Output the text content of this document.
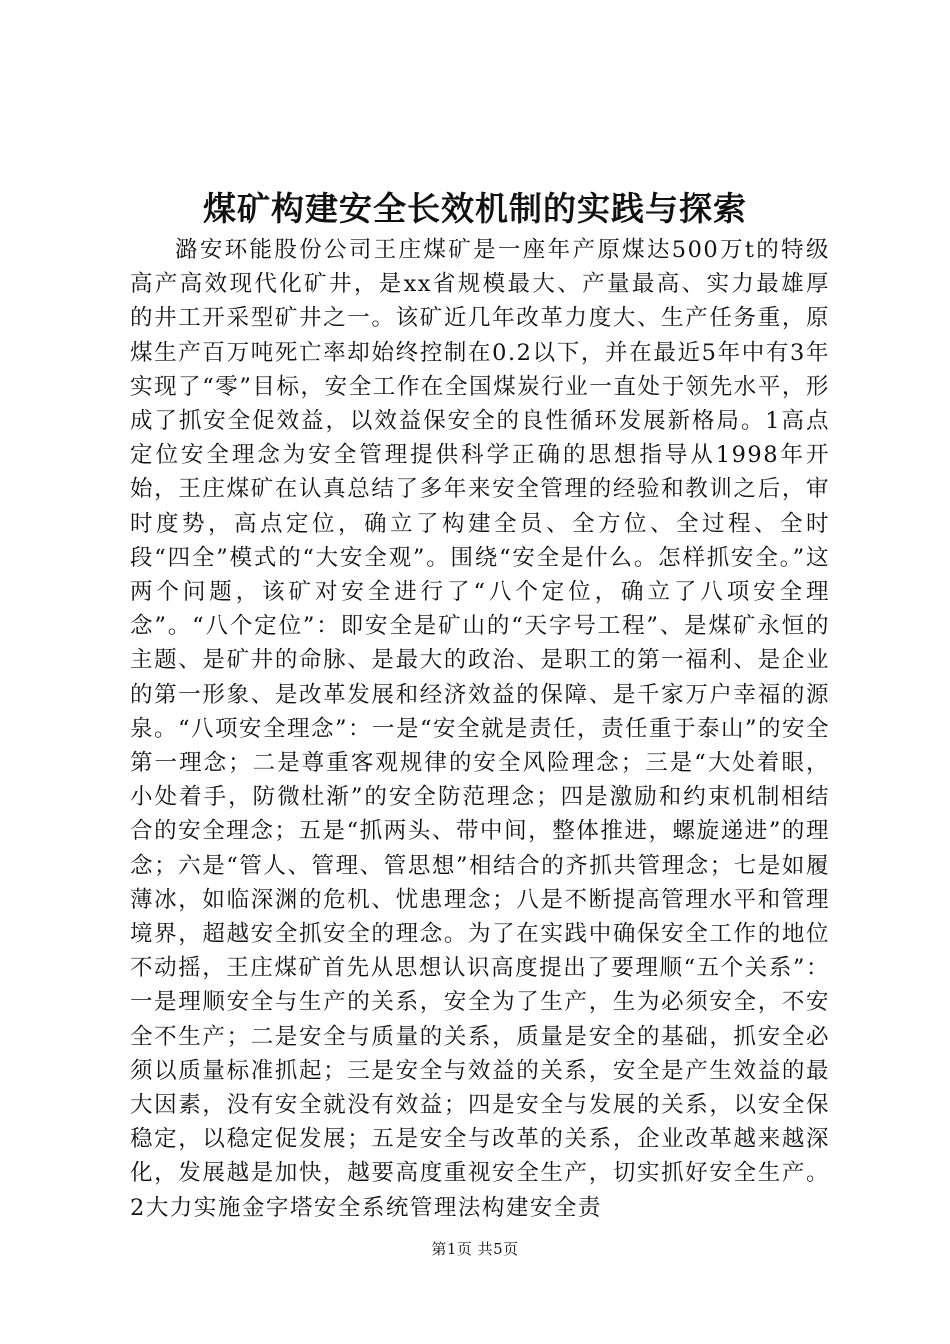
煤矿构建安全长效机制的实践与探索

潞安环能股份公司王庄煤矿是一座年产原煤达500万t的特级高产高效现代化矿井，是xx省规模最大、产量最高、实力最雄厚的井工开采型矿井之一。该矿近几年改革力度大、生产任务重，原煤生产百万吨死亡率却始终控制在0.2以下，并在最近5年中有3年实现了“零”目标，安全工作在全国煤炭行业一直处于领先水平，形成了抓安全促效益，以效益保安全的良性循环发展新格局。1高点定位安全理念为安全管理提供科学正确的思想指导从1998年开始，王庄煤矿在认真总结了多年来安全管理的经验和教训之后，审时度势，高点定位，确立了构建全员、全方位、全过程、全时段“四全”模式的“大安全观”。围绕“安全是什么。怎样抓安全。”这两个问题，该矿对安全进行了“八个定位，确立了八项安全理念”。“八个定位”：即安全是矿山的“天字号工程”、是煤矿永恒的主题、是矿井的命脉、是最大的政治、是职工的第一福利、是企业的第一形象、是改革发展和经济效益的保障、是千家万户幸福的源泉。“八项安全理念”：一是“安全就是责任，责任重于泰山”的安全第一理念；二是尊重客观规律的安全风险理念；三是“大处着眼，小处着手，防微杜渐”的安全防范理念；四是激励和约束机制相结合的安全理念；五是“抓两头、带中间，整体推进，螺旋递进”的理念；六是“管人、管理、管思想”相结合的齐抓共管理念；七是如履薄冰，如临深渊的危机、忧患理念；八是不断提高管理水平和管理境界，超越安全抓安全的理念。为了在实践中确保安全工作的地位不动摇，王庄煤矿首先从思想认识高度提出了要理顺“五个关系”：一是理顺安全与生产的关系，安全为了生产，生为必须安全，不安全不生产；二是安全与质量的关系，质量是安全的基础，抓安全必须以质量标准抓起；三是安全与效益的关系，安全是产生效益的最大因素，没有安全就没有效益；四是安全与发展的关系，以安全保稳定，以稳定促发展；五是安全与改革的关系，企业改革越来越深化，发展越是加快，越要高度重视安全生产，切实抓好安全生产。2大力实施金字塔安全系统管理法构建安全责

第1页 共5页
